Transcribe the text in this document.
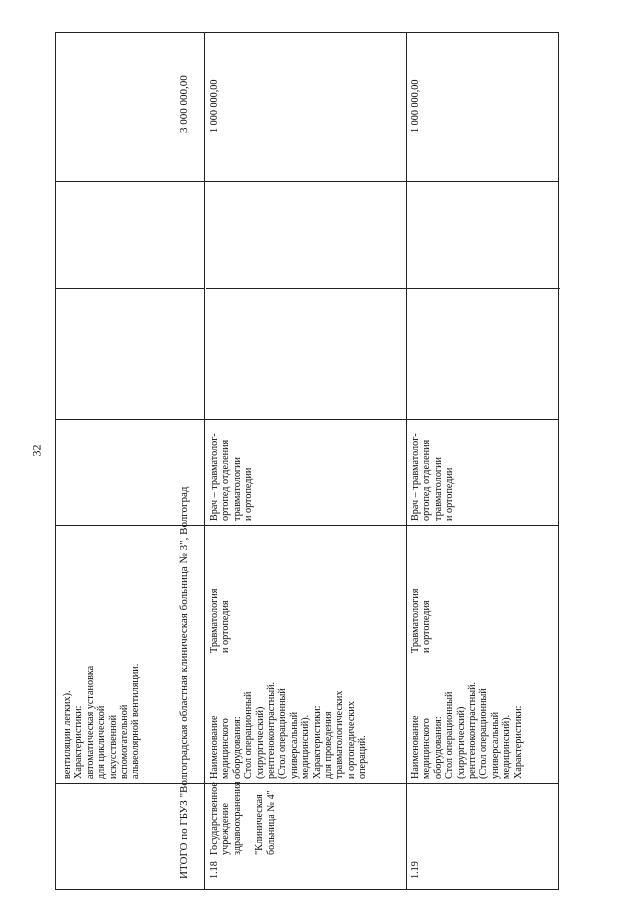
32
вентиляции легких). Характеристики: автоматическая установка для циклической искусственной вспомогательной альвеолярной вентиляции.	ИТОГО по ГБУЗ "Волгоградская областная клиническая больница № 3", Волгоград
3 000 000,00
1.18
Государственное учреждение здравоохранения "Клиническая больница № 4"
Наименование медицинского оборудования: Стол операционный (хирургический) рентгеноконтрастный. (Стол операционный универсальный медицинский). Характеристики: для проведения травматологических и ортопедических операций.
Травматология и ортопедия
Врач – травматолог- ортопед отделения травматологии и ортопедии
1 000 000,00
1.19
Наименование медицинского оборудования: Стол операционный (хирургический) рентгеноконтрастный. (Стол операционный универсальный медицинский). Характеристики:
Травматология и ортопедия
Врач – травматолог- ортопед отделения травматологии и ортопедии
1 000 000,00
